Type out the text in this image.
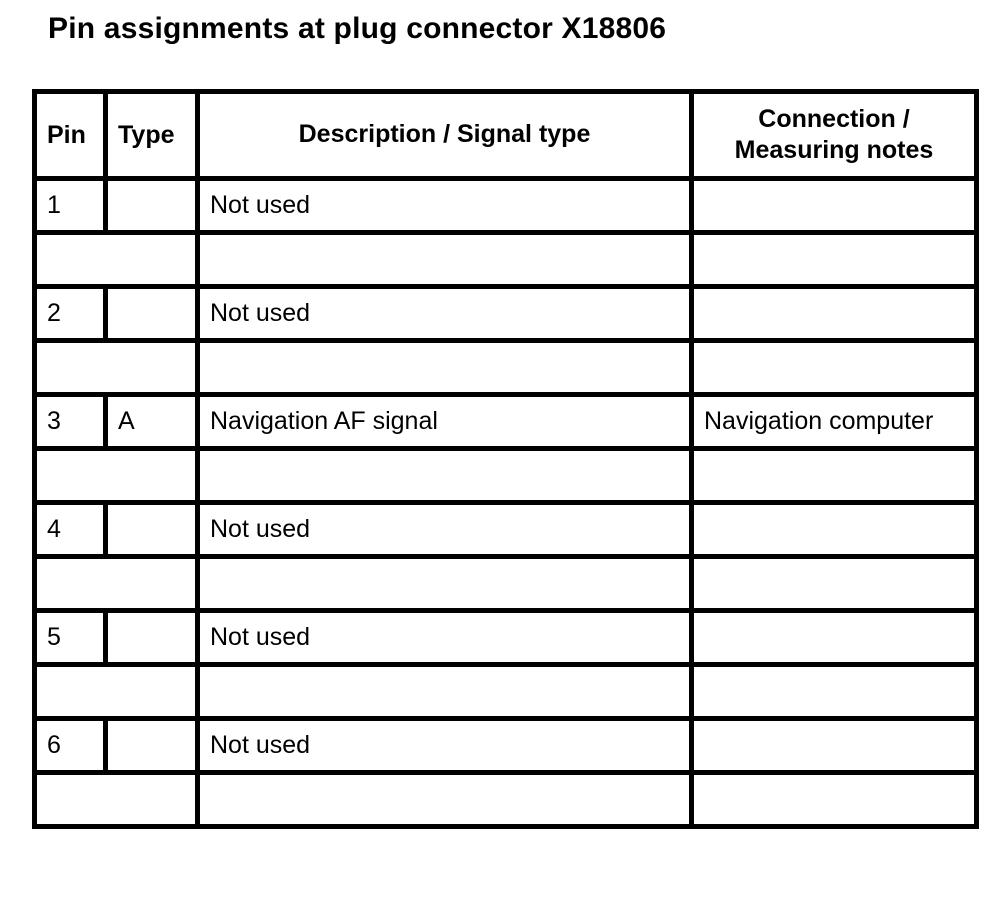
Pin assignments at plug connector X18806
Pin	Type	Description / Signal type	Connection / Measuring notes
1		Not used	

2		Not used	

3	A	Navigation AF signal	Navigation computer

4		Not used	

5		Not used	

6		Not used	
